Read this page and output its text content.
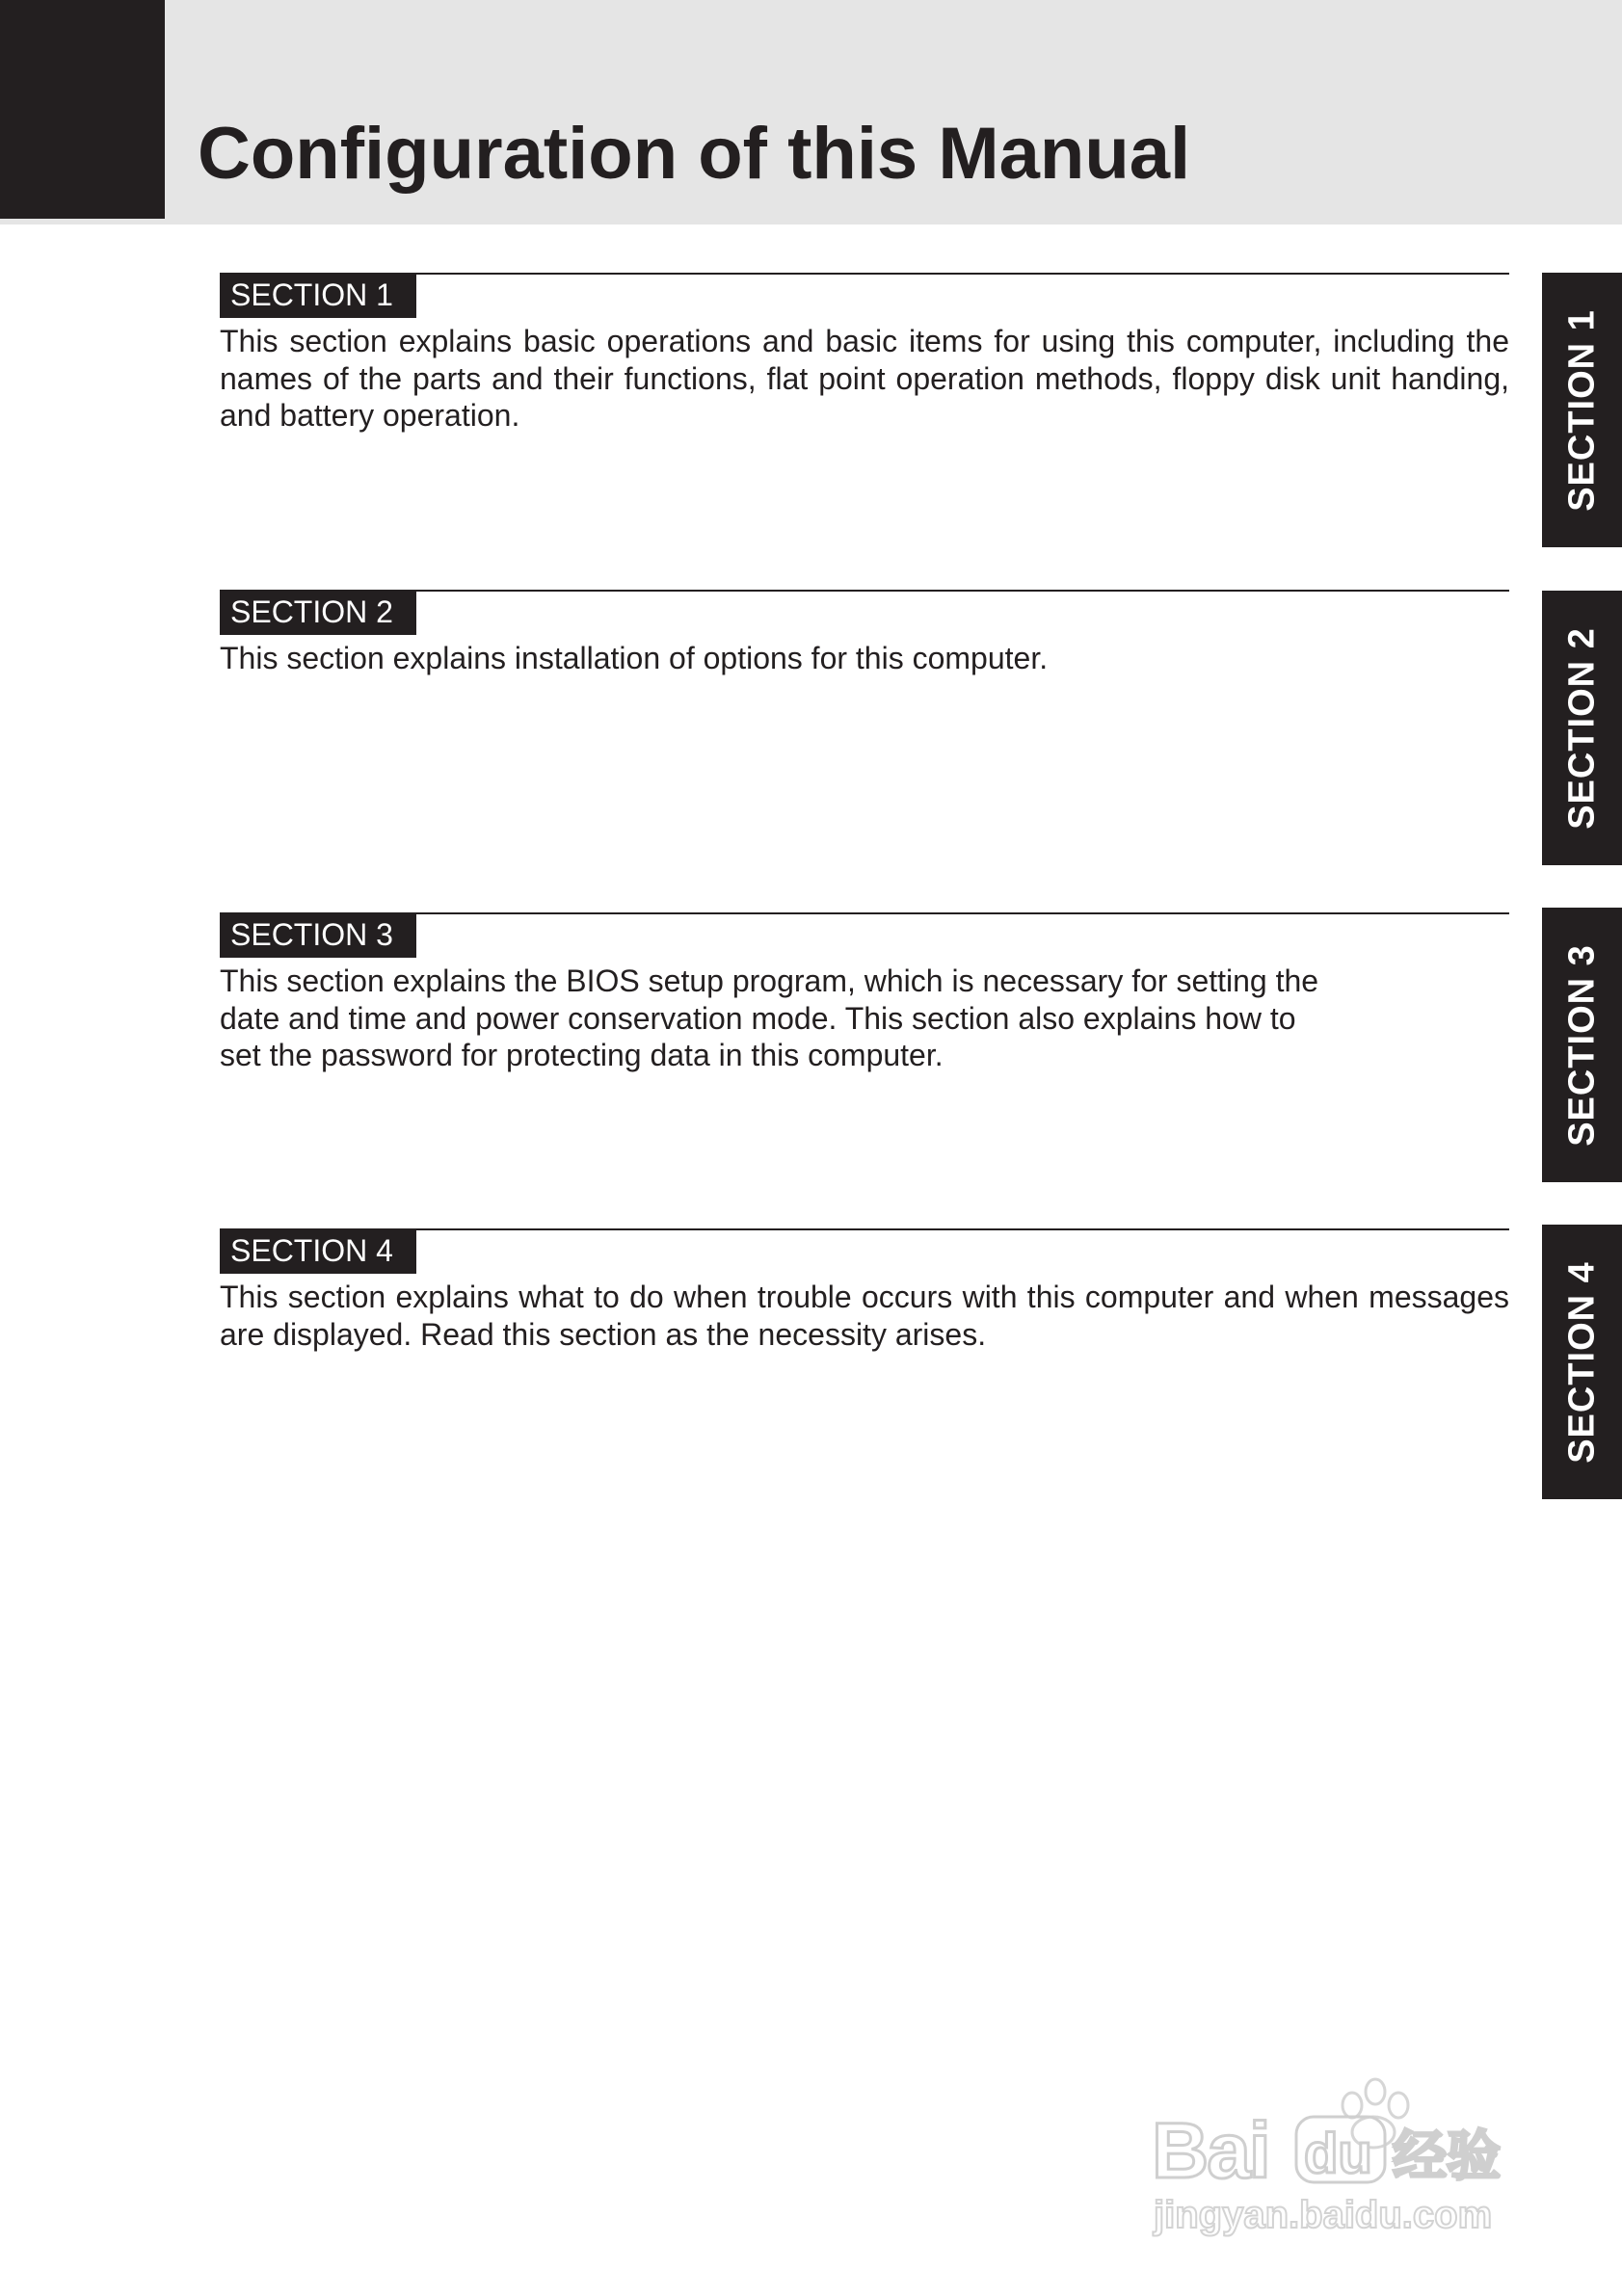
Configuration of this Manual
SECTION 1

This section explains basic operations and basic items for using this computer, including the names of the parts and their functions, flat point operation methods, floppy disk unit handing, and battery operation.

SECTION 2

This section explains installation of options for this computer.

SECTION 3

This section explains the BIOS setup program, which is necessary for setting the date and time and power conservation mode. This section also explains how to set the password for protecting data in this computer.

SECTION 4

This section explains what to do when trouble occurs with this computer and when messages are displayed. Read this section as the necessity arises.

SECTION 1
SECTION 2
SECTION 3
SECTION 4
Bai du 经验
jingyan.baidu.com
